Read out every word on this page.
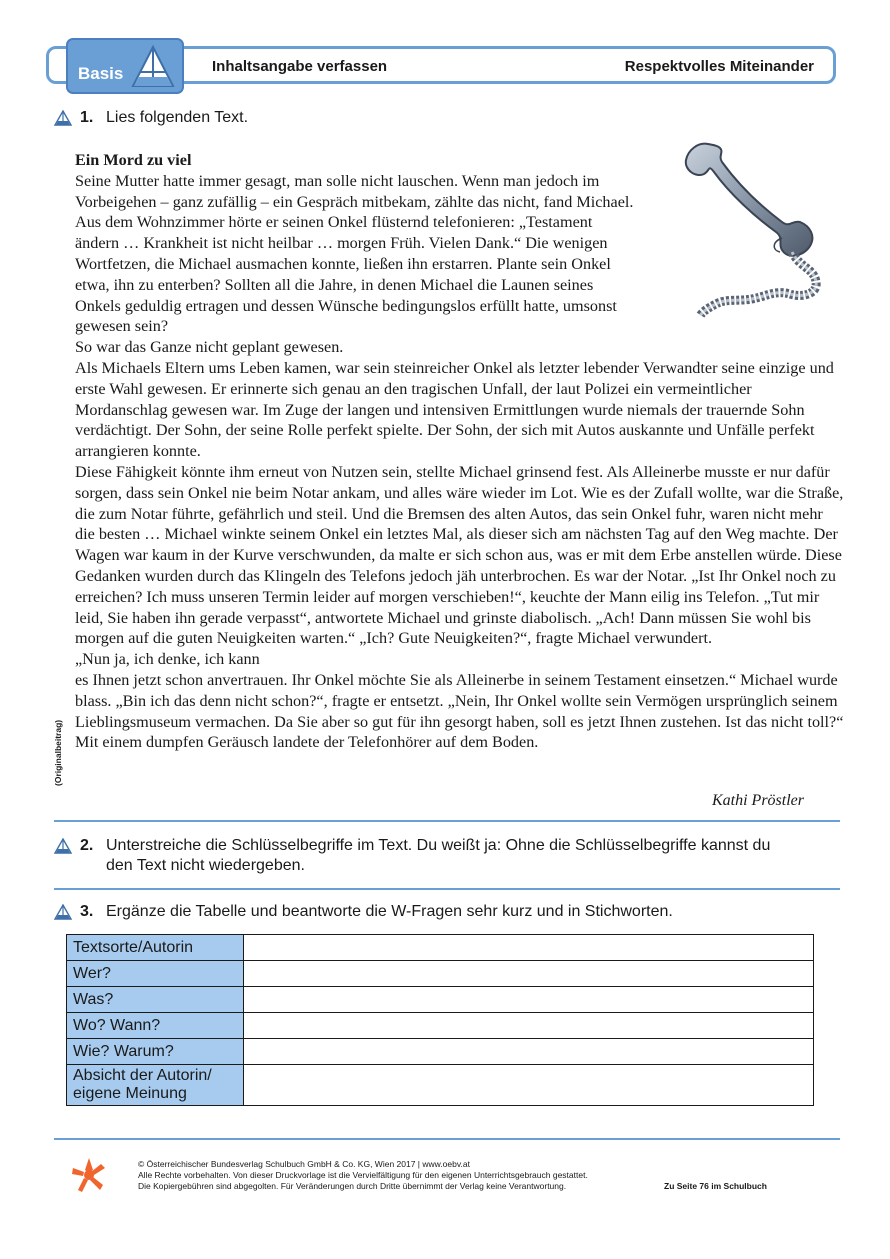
Basis	Inhaltsangabe verfassen	Respektvolles Miteinander
1. Lies folgenden Text.

Ein Mord zu viel

Seine Mutter hatte immer gesagt, man solle nicht lauschen. Wenn man jedoch im Vorbeigehen – ganz zufällig – ein Gespräch mitbekam, zählte das nicht, fand Michael. Aus dem Wohnzimmer hörte er seinen Onkel flüsternd telefonieren: „Testament ändern … Krankheit ist nicht heilbar … morgen Früh. Vielen Dank.“ Die wenigen Wortfetzen, die Michael ausmachen konnte, ließen ihn erstarren. Plante sein Onkel etwa, ihn zu enterben? Sollten all die Jahre, in denen Michael die Launen seines Onkels geduldig ertragen und dessen Wünsche bedingungslos erfüllt hatte, umsonst gewesen sein?

So war das Ganze nicht geplant gewesen.

Als Michaels Eltern ums Leben kamen, war sein steinreicher Onkel als letzter lebender Verwandter seine einzige und erste Wahl gewesen. Er erinnerte sich genau an den tragischen Unfall, der laut Polizei ein vermeintlicher Mordanschlag gewesen war. Im Zuge der langen und intensiven Ermittlungen wurde niemals der trauernde Sohn verdächtigt. Der Sohn, der seine Rolle perfekt spielte. Der Sohn, der sich mit Autos auskannte und Unfälle perfekt arrangieren konnte.

Diese Fähigkeit könnte ihm erneut von Nutzen sein, stellte Michael grinsend fest. Als Alleinerbe musste er nur dafür sorgen, dass sein Onkel nie beim Notar ankam, und alles wäre wieder im Lot. Wie es der Zufall wollte, war die Straße, die zum Notar führte, gefährlich und steil. Und die Bremsen des alten Autos, das sein Onkel fuhr, waren nicht mehr die besten … Michael winkte seinem Onkel ein letztes Mal, als dieser sich am nächsten Tag auf den Weg machte. Der Wagen war kaum in der Kurve verschwunden, da malte er sich schon aus, was er mit dem Erbe anstellen würde. Diese Gedanken wurden durch das Klingeln des Telefons jedoch jäh unterbrochen. Es war der Notar. „Ist Ihr Onkel noch zu erreichen? Ich muss unseren Termin leider auf morgen verschieben!“, keuchte der Mann eilig ins Telefon. „Tut mir leid, Sie haben ihn gerade verpasst“, antwortete Michael und grinste diabolisch. „Ach! Dann müssen Sie wohl bis morgen auf die guten Neuigkeiten warten.“ „Ich? Gute Neuigkeiten?“, fragte Michael verwundert.

„Nun ja, ich denke, ich kann

es Ihnen jetzt schon anvertrauen. Ihr Onkel möchte Sie als Alleinerbe in seinem Testament einsetzen.“ Michael wurde blass. „Bin ich das denn nicht schon?“, fragte er entsetzt. „Nein, Ihr Onkel wollte sein Vermögen ursprünglich seinem Lieblingsmuseum vermachen. Da Sie aber so gut für ihn gesorgt haben, soll es jetzt Ihnen zustehen. Ist das nicht toll?“ Mit einem dumpfen Geräusch landete der Telefonhörer auf dem Boden.

Kathi Pröstler
(Originalbeitrag)
2. Unterstreiche die Schlüsselbegriffe im Text. Du weißt ja: Ohne die Schlüsselbegriffe kannst du den Text nicht wiedergeben.
3. Ergänze die Tabelle und beantworte die W-Fragen sehr kurz und in Stichworten.
Textsorte/Autorin	
Wer?	
Was?	
Wo? Wann?	
Wie? Warum?	
Absicht der Autorin/ eigene Meinung	
© Österreichischer Bundesverlag Schulbuch GmbH & Co. KG, Wien 2017 | www.oebv.at
Alle Rechte vorbehalten. Von dieser Druckvorlage ist die Vervielfältigung für den eigenen Unterrichtsgebrauch gestattet.
Die Kopiergebühren sind abgegolten. Für Veränderungen durch Dritte übernimmt der Verlag keine Verantwortung.	Zu Seite 76 im Schulbuch
